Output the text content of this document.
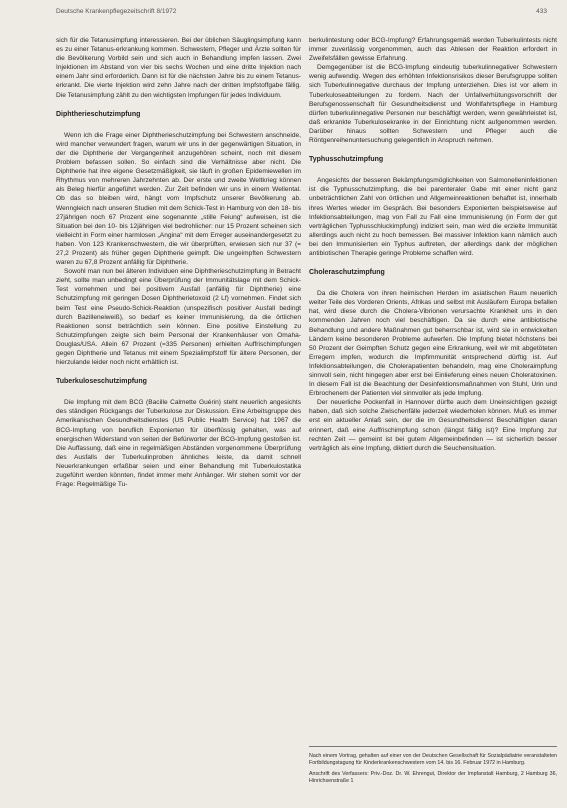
Deutsche Krankenpflegezeitschrift 8/1972	433

sich für die Tetanusimpfung interessieren. Bei der üblichen Säuglingsimpfung kann es zu einer Tetanus-erkrankung kommen. Schwestern, Pfleger und Ärzte sollten für die Bevölkerung Vorbild sein und sich auch in Behandlung impfen lassen. Zwei Injektionen im Abstand von vier bis sechs Wochen und eine dritte Injektion nach einem Jahr sind erforderlich. Dann ist für die nächsten Jahre bis zu einem Tetanus-erkrankt. Die vierte Injektion wird zehn Jahre nach der dritten Impfstoffgabe fällig. Die Tetanusimpfung zählt zu den wichtigsten Impfungen für jedes Individuum.

Diphtherieschutzimpfung

Wenn ich die Frage einer Diphtherieschutzimpfung bei Schwestern anschneide, wird mancher verwundert fragen, warum wir uns in der gegenwärtigen Situation, in der die Diphtherie der Vergangenheit anzugehören scheint, noch mit diesem Problem befassen sollen. So einfach sind die Verhältnisse aber nicht. Die Diphtherie hat ihre eigene Gesetzmäßigkeit, sie läuft in großen Epidemiewellen im Rhythmus von mehreren Jahrzehnten ab. Der erste und zweite Weltkrieg können als Beleg hierfür angeführt werden. Zur Zeit befinden wir uns in einem Wellental. Ob das so bleiben wird, hängt vom Impfschutz unserer Bevölkerung ab. Wenngleich nach unseren Studien mit dem Schick-Test in Hamburg von den 18- bis 27jährigen noch 67 Prozent eine sogenannte „stille Feiung“ aufweisen, ist die Situation bei den 10- bis 12jährigen viel bedrohlicher: nur 15 Prozent scheinen sich vielleicht in Form einer harmlosen „Angina“ mit dem Erreger auseinandergesetzt zu haben. Von 123 Krankenschwestern, die wir überprüften, erwiesen sich nur 37 (= 27,2 Prozent) als früher gegen Diphtherie geimpft. Die ungeimpften Schwestern waren zu 67,8 Prozent anfällig für Diphtherie.

Sowohl man nun bei älteren Individuen eine Diphtherieschutzimpfung in Betracht zieht, sollte man unbedingt eine Überprüfung der Immunitätslage mit dem Schick-Test vornehmen und bei positivem Ausfall (anfällig für Diphtherie) eine Schutzimpfung mit geringen Dosen Diphtherietoxoid (2 Lf) vornehmen. Findet sich beim Test eine Pseudo-Schick-Reaktion (unspezifisch positiver Ausfall bedingt durch Bazilleneiweiß), so bedarf es keiner Immunisierung, da die örtlichen Reaktionen sonst beträchtlich sein können. Eine positive Einstellung zu Schutzimpfungen zeigte sich beim Personal der Krankenhäuser von Omaha-Douglas/USA. Allein 67 Prozent (=335 Personen) erhielten Auffrischimpfungen gegen Diphtherie und Tetanus mit einem Spezialimpfstoff für ältere Personen, der hierzulande leider noch nicht erhältlich ist.

Tuberkuloseschutzimpfung

Die Impfung mit dem BCG (Bacille Calmette Guérin) steht neuerlich angesichts des ständigen Rückgangs der Tuberkulose zur Diskussion. Eine Arbeitsgruppe des Amerikanischen Gesundheitsdienstes (US Public Health Service) hat 1967 die BCG-Impfung von beruflich Exponierten für überflüssig gehalten, was auf energischen Widerstand von seiten der Befürworter der BCG-Impfung gestoßen ist. Die Auffassung, daß eine in regelmäßigen Abständen vorgenommene Überprüfung des Ausfalls der Tuberkulinproben ähnliches leiste, da damit schnell Neuerkrankungen erfaßbar seien und einer Behandlung mit Tuberkulostatika zugeführt werden könnten, findet immer mehr Anhänger. Wir stehen somit vor der Frage: Regelmäßige Tu-

berkulintestung oder BCG-Impfung? Erfahrungsgemäß werden Tuberkulintests nicht immer zuverlässig vorgenommen, auch das Ablesen der Reaktion erfordert in Zweifelsfällen gewisse Erfahrung.

Demgegenüber ist die BCG-Impfung eindeutig tuberkulinnegativer Schwestern wenig aufwendig. Wegen des erhöhten Infektionsrisikos dieser Berufsgruppe sollten sich Tuberkulinnegative durchaus der Impfung unterziehen. Dies ist vor allem in Tuberkuloseabteilungen zu fordern. Nach der Unfallverhütungsvorschrift der Berufsgenossenschaft für Gesundheitsdienst und Wohlfahrtspflege in Hamburg dürfen tuberkulinnegative Personen nur beschäftigt werden, wenn gewährleistet ist, daß erkrankte Tuberkulosekranke in der Einrichtung nicht aufgenommen werden. Darüber hinaus sollten Schwestern und Pfleger auch die Röntgenreihenuntersuchung gelegentlich in Anspruch nehmen.

Typhusschutzimpfung

Angesichts der besseren Bekämpfungsmöglichkeiten von Salmonelleninfektionen ist die Typhusschutzimpfung, die bei parenteraler Gabe mit einer nicht ganz unbeträchtlichen Zahl von örtlichen und Allgemeinreaktionen behaftet ist, innerhalb ihres Wertes wieder im Gespräch. Bei besonders Exponierten beispielsweise auf Infektionsabteilungen, mag von Fall zu Fall eine Immunisierung (in Form der gut verträglichen Typhusschluckimpfung) indiziert sein, man wird die erzielte Immunität allerdings auch nicht zu hoch bemessen. Bei massiver Infektion kann nämlich auch bei den Immunisierten ein Typhus auftreten, der allerdings dank der möglichen antibiotischen Therapie geringe Probleme schaffen wird.

Choleraschutzimpfung

Da die Cholera von ihren heimischen Herden im asiatischen Raum neuerlich weiter Teile des Vorderen Orients, Afrikas und selbst mit Ausläufern Europa befallen hat, wird diese durch die Cholera-Vibrionen verursachte Krankheit uns in den kommenden Jahren noch viel beschäftigen. Da sie durch eine antibiotische Behandlung und andere Maßnahmen gut beherrschbar ist, wird sie in entwickelten Ländern keine besonderen Probleme aufwerfen. Die Impfung bietet höchstens bei 50 Prozent der Geimpften Schutz gegen eine Erkrankung, weil wir mit abgetöteten Erregern impfen, wodurch die Impfimmunität entsprechend dürftig ist. Auf Infektionsabteilungen, die Cholerapatienten behandeln, mag eine Choleraimpfung sinnvoll sein, nicht hingegen aber erst bei Einlieferung eines neuen Choleratoxinen. In diesem Fall ist die Beachtung der Desinfektionsmaßnahmen von Stuhl, Urin und Erbrochenem der Patienten viel sinnvoller als jede Impfung.

Der neuerliche Pockenfall in Hannover dürfte auch dem Uneinsichtigen gezeigt haben, daß sich solche Zwischenfälle jederzeit wiederholen können. Muß es immer erst ein aktueller Anlaß sein, der die im Gesundheitsdienst Beschäftigten daran erinnert, daß eine Auffrischimpfung schon (längst fällig ist)? Eine Impfung zur rechten Zeit — gemeint ist bei gutem Allgemeinbefinden — ist sicherlich besser verträglich als eine Impfung, diktiert durch die Seuchensituation.

Nach einem Vortrag, gehalten auf einer von der Deutschen Gesellschaft für Sozialpädiatrie veranstalteten Fortbildungstagung für Kinderkrankenschwestern vom 14. bis 16. Februar 1972 in Hamburg.
Anschrift des Verfassers: Priv.-Doz. Dr. W. Ehrengut, Direktor der Impfanstalt Hamburg, 2 Hamburg 36, Hinrichsenstraße 1
